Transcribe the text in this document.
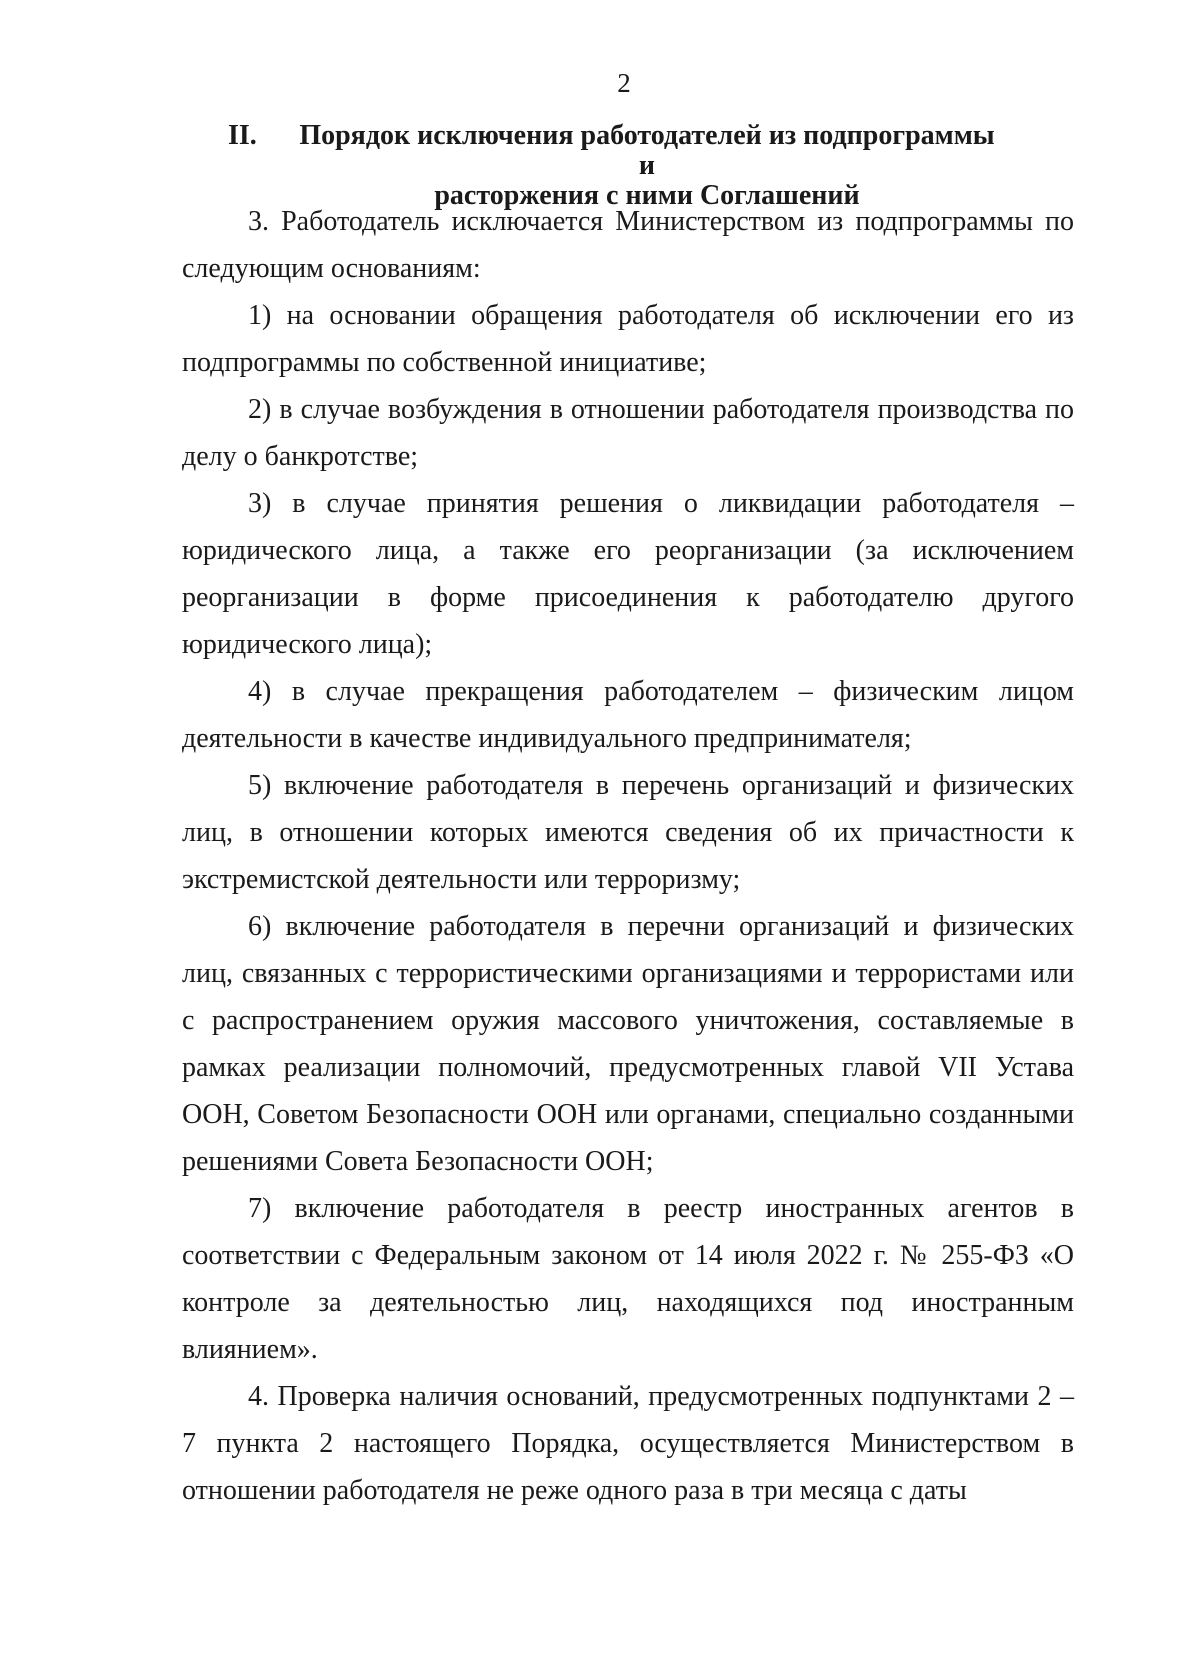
2
II. Порядок исключения работодателей из подпрограммы и
расторжения с ними Соглашений

3. Работодатель исключается Министерством из подпрограммы по следующим основаниям:

1) на основании обращения работодателя об исключении его из подпрограммы по собственной инициативе;

2) в случае возбуждения в отношении работодателя производства по делу о банкротстве;

3) в случае принятия решения о ликвидации работодателя – юридического лица, а также его реорганизации (за исключением реорганизации в форме присоединения к работодателю другого юридического лица);

4) в случае прекращения работодателем – физическим лицом деятельности в качестве индивидуального предпринимателя;

5) включение работодателя в перечень организаций и физических лиц, в отношении которых имеются сведения об их причастности к экстремистской деятельности или терроризму;

6) включение работодателя в перечни организаций и физических лиц, связанных с террористическими организациями и террористами или с распространением оружия массового уничтожения, составляемые в рамках реализации полномочий, предусмотренных главой VII Устава ООН, Советом Безопасности ООН или органами, специально созданными решениями Совета Безопасности ООН;

7) включение работодателя в реестр иностранных агентов в соответствии с Федеральным законом от 14 июля 2022 г. № 255-ФЗ «О контроле за деятельностью лиц, находящихся под иностранным влиянием».

4. Проверка наличия оснований, предусмотренных подпунктами 2 – 7 пункта 2 настоящего Порядка, осуществляется Министерством в отношении работодателя не реже одного раза в три месяца с даты
